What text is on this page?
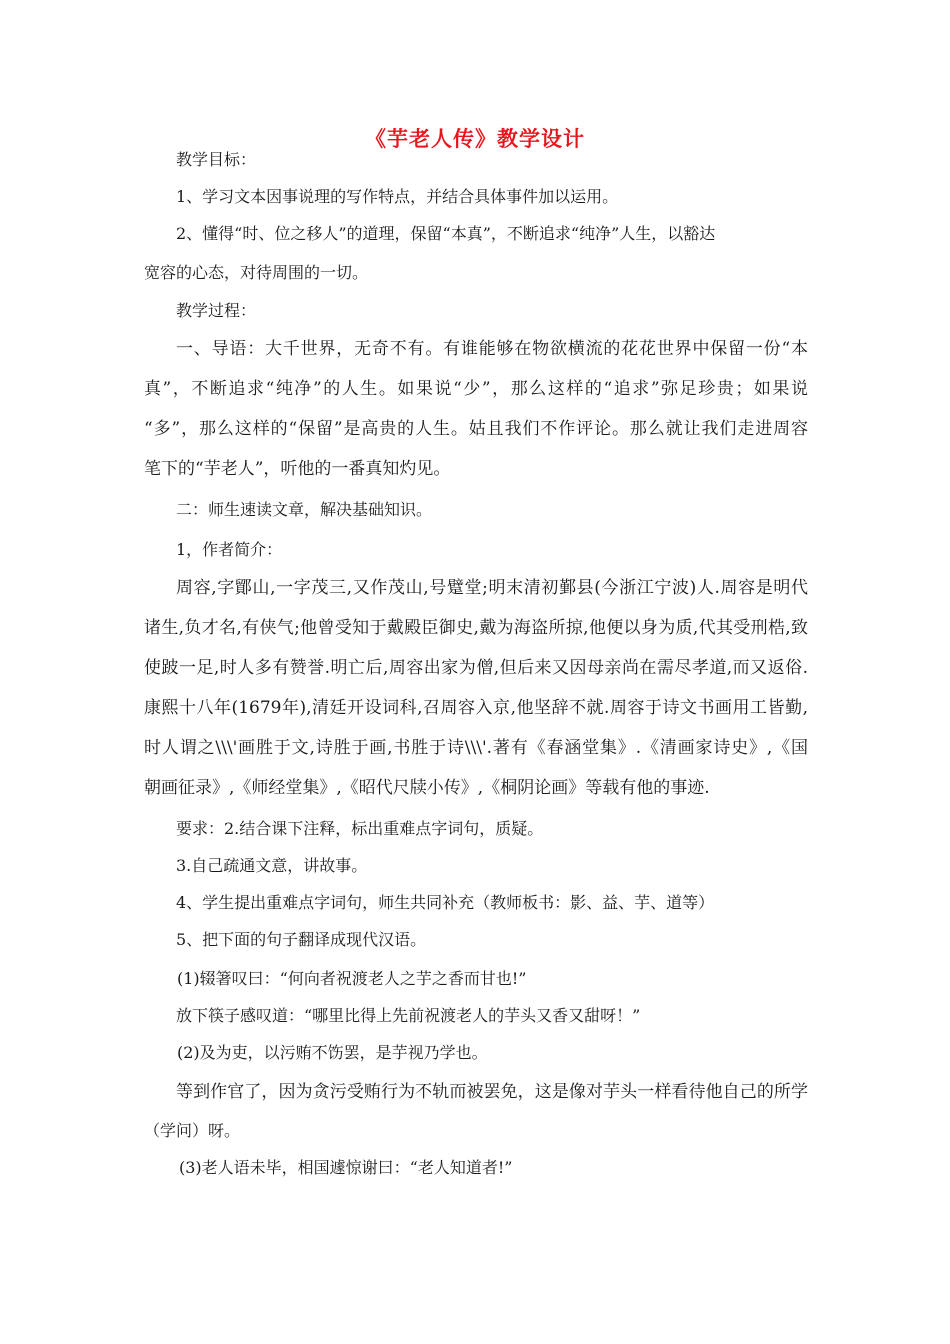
《芋老人传》教学设计

教学目标：

1、学习文本因事说理的写作特点，并结合具体事件加以运用。

2、懂得“时、位之移人”的道理，保留“本真”，不断追求“纯净”人生，以豁达

宽容的心态，对待周围的一切。

教学过程：

一、导语：大千世界，无奇不有。有谁能够在物欲横流的花花世界中保留一份“本

真”，不断追求“纯净”的人生。如果说“少”，那么这样的“追求”弥足珍贵；如果说

“多”，那么这样的“保留”是高贵的人生。姑且我们不作评论。那么就让我们走进周容

笔下的“芋老人”，听他的一番真知灼见。

二：师生速读文章，解决基础知识。

1，作者简介：

周容,字鄮山,一字茂三,又作茂山,号躄堂;明末清初鄞县(今浙江宁波)人.周容是明代

诸生,负才名,有侠气;他曾受知于戴殿臣御史,戴为海盗所掠,他便以身为质,代其受刑梏,致

使跛一足,时人多有赞誉.明亡后,周容出家为僧,但后来又因母亲尚在需尽孝道,而又返俗.

康熙十八年(1679年),清廷开设词科,召周容入京,他坚辞不就.周容于诗文书画用工皆勤,

时人谓之\\\'画胜于文,诗胜于画,书胜于诗\\\'.著有《春涵堂集》.《清画家诗史》,《国

朝画征录》,《师经堂集》,《昭代尺牍小传》,《桐阴论画》等载有他的事迹.

要求：2.结合课下注释，标出重难点字词句，质疑。

3.自己疏通文意，讲故事。

4、学生提出重难点字词句，师生共同补充（教师板书：影、益、芋、道等）

5、把下面的句子翻译成现代汉语。

(1)辍箸叹曰：“何向者祝渡老人之芋之香而甘也!”

放下筷子感叹道：“哪里比得上先前祝渡老人的芋头又香又甜呀！”

(2)及为吏，以污贿不饬罢，是芋视乃学也。

等到作官了，因为贪污受贿行为不轨而被罢免，这是像对芋头一样看待他自己的所学

（学问）呀。

(3)老人语未毕，相国遽惊谢曰：“老人知道者!”
